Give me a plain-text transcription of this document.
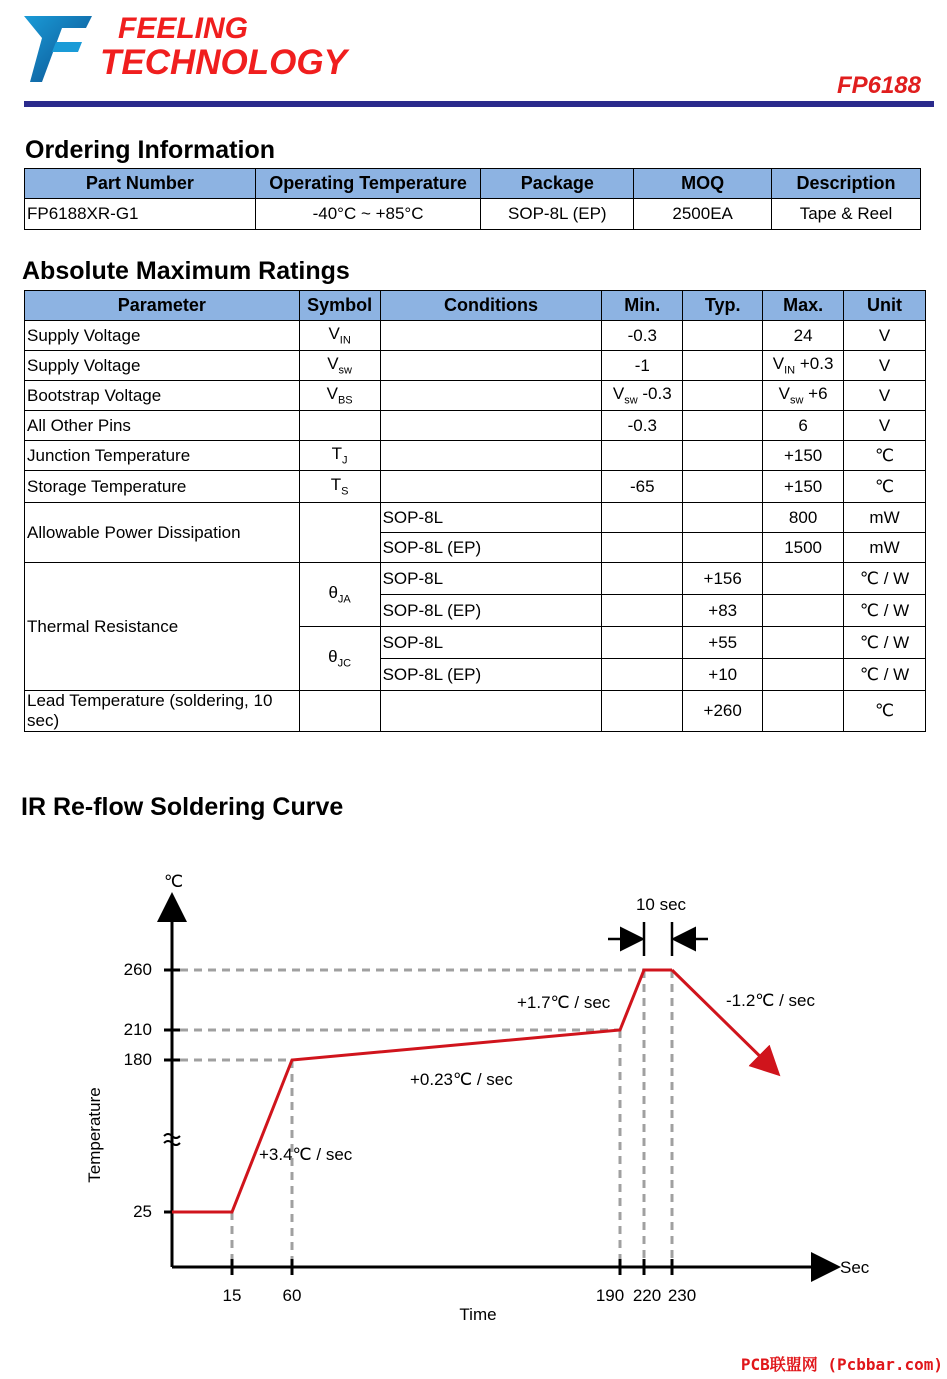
FEELING
TECHNOLOGY
FP6188
Ordering Information
Part Number	Operating Temperature	Package	MOQ	Description
FP6188XR-G1	-40°C ~ +85°C	SOP-8L (EP)	2500EA	Tape & Reel
Absolute Maximum Ratings
Parameter	Symbol	Conditions	Min.	Typ.	Max.	Unit
Supply Voltage	$V_{IN}$		-0.3		24	V
Supply Voltage	$V_{sw}$		-1		$V_{IN} +0.3$	V
Bootstrap Voltage	$V_{BS}$		$V_{sw}$ -0.3		$V_{sw} +6$	V
All Other Pins			-0.3		6	V
Junction Temperature	$T_J$				+150	℃
Storage Temperature	$T_S$		-65		+150	℃
Allowable Power Dissipation		SOP-8L			800	mW
		SOP-8L (EP)			1500	mW
Thermal Resistance	$\theta_{JA}$	SOP-8L		+156		℃ / W
		SOP-8L (EP)		+83		℃ / W
	$\theta_{JC}$	SOP-8L		+55		℃ / W
		SOP-8L (EP)		+10		℃ / W
Lead Temperature (soldering, 10 sec)				+260		℃
IR Re-flow Soldering Curve
℃
Temperature
Time
Sec
260
210
180
25
15 60	190 220 230
10 sec
+3.4℃ / sec
+0.23℃ / sec
+1.7℃ / sec	-1.2℃ / sec
PCB联盟网 (Pcbbar.com)
